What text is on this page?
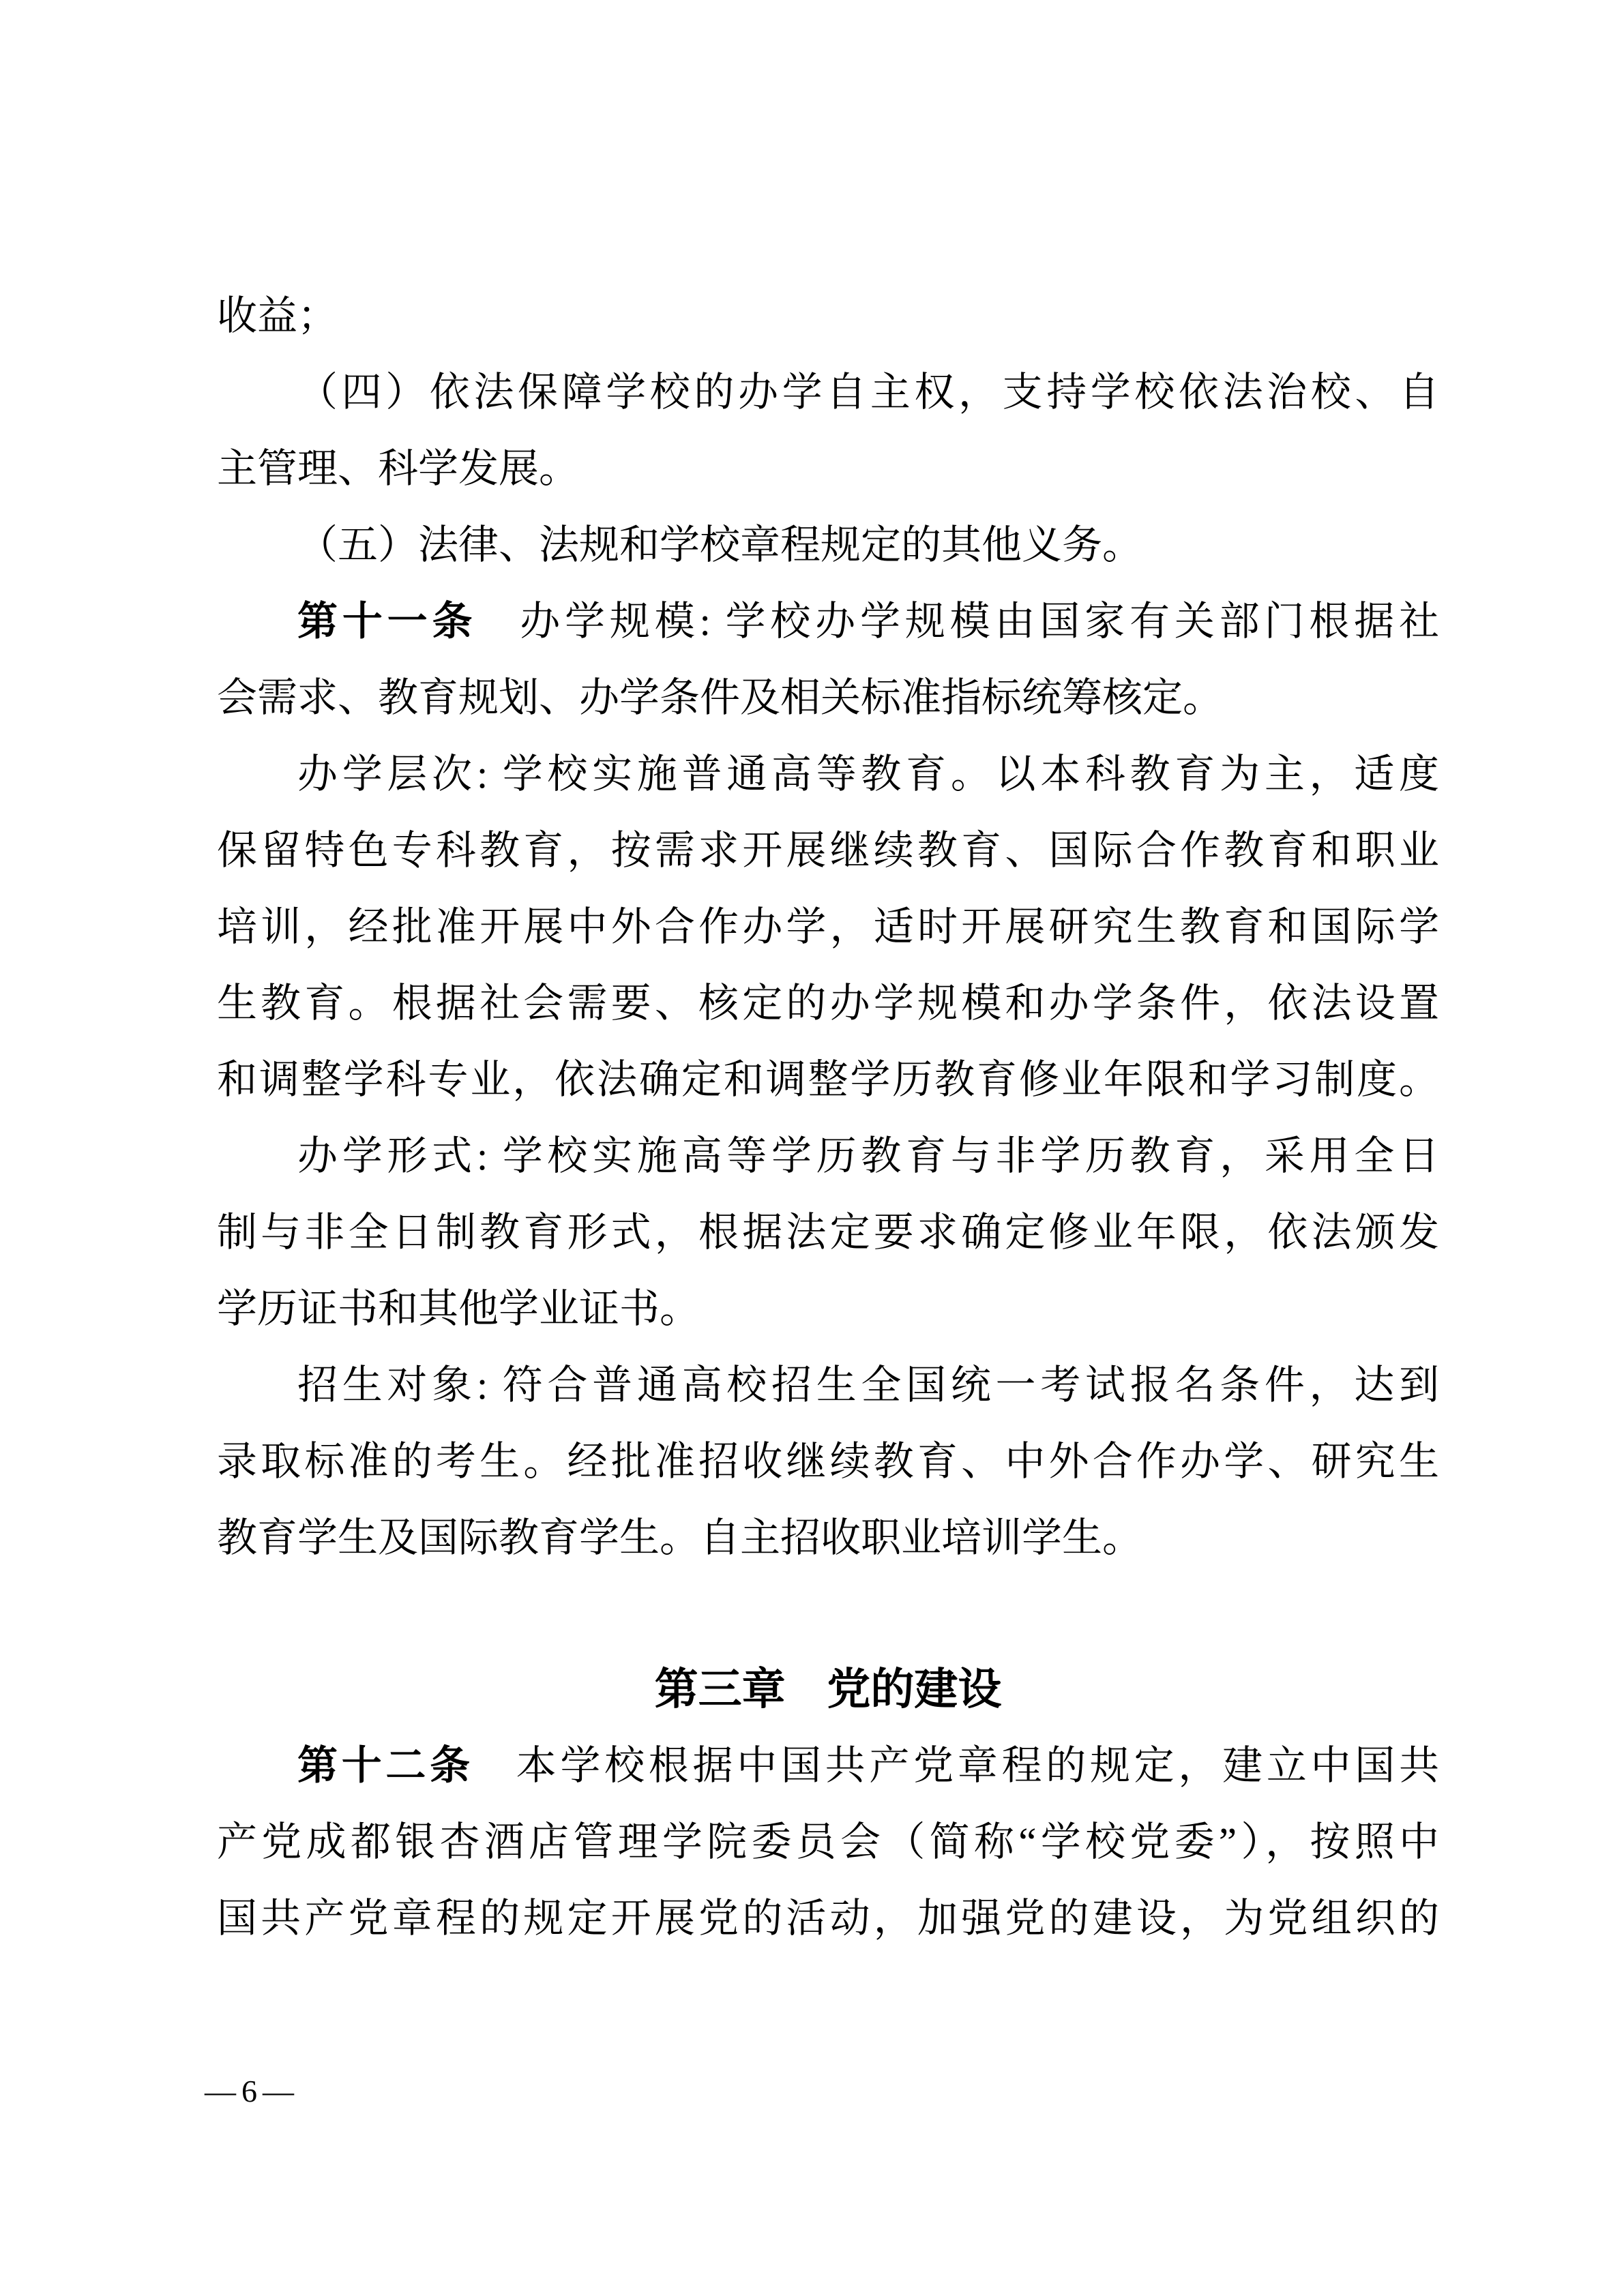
收益；
（四）依法保障学校的办学自主权，支持学校依法治校、自
主管理、科学发展。
（五）法律、法规和学校章程规定的其他义务。
第十一条 办学规模: 学校办学规模由国家有关部门根据社
会需求、教育规划、办学条件及相关标准指标统筹核定。
办学层次: 学校实施普通高等教育。以本科教育为主，适度
保留特色专科教育，按需求开展继续教育、国际合作教育和职业
培训，经批准开展中外合作办学，适时开展研究生教育和国际学
生教育。根据社会需要、核定的办学规模和办学条件，依法设置
和调整学科专业，依法确定和调整学历教育修业年限和学习制度。
办学形式: 学校实施高等学历教育与非学历教育，采用全日
制与非全日制教育形式，根据法定要求确定修业年限，依法颁发
学历证书和其他学业证书。
招生对象: 符合普通高校招生全国统一考试报名条件，达到
录取标准的考生。经批准招收继续教育、中外合作办学、研究生
教育学生及国际教育学生。自主招收职业培训学生。
第三章 党的建设
第十二条 本学校根据中国共产党章程的规定，建立中国共
产党成都银杏酒店管理学院委员会（简称“学校党委”），按照中
国共产党章程的规定开展党的活动，加强党的建设，为党组织的
—6—
